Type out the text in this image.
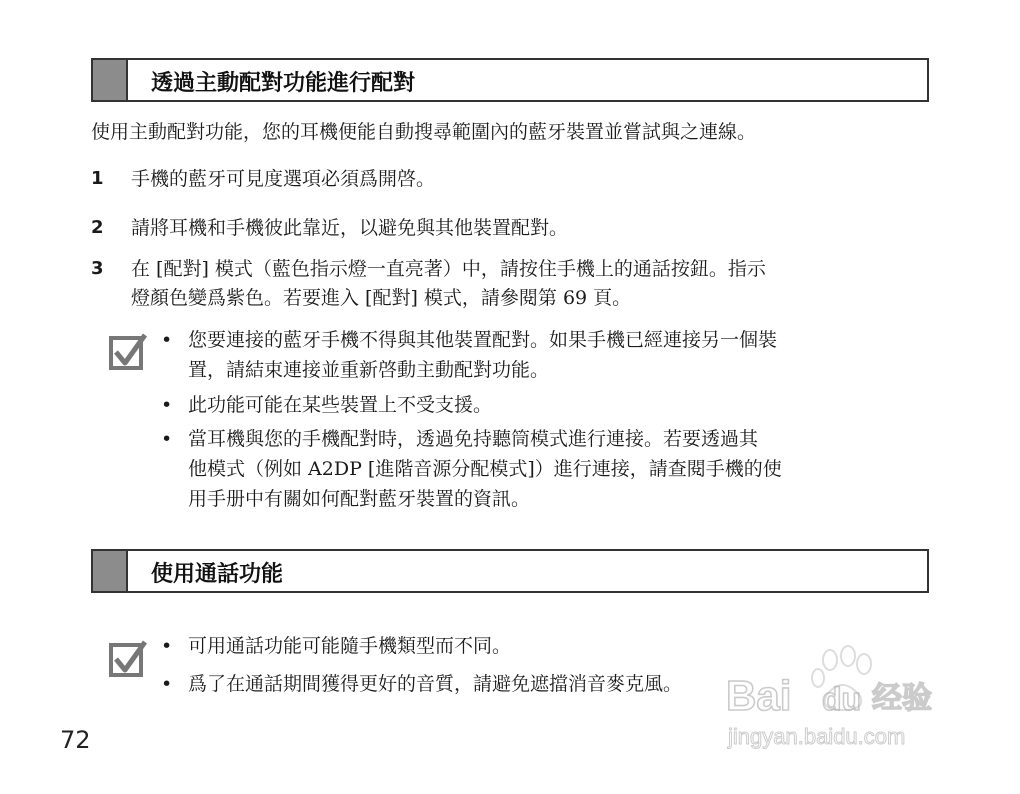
透過主動配對功能進行配對
使用主動配對功能，您的耳機便能自動搜尋範圍內的藍牙裝置並嘗試與之連線。
1	手機的藍牙可見度選項必須爲開啓。
2	請將耳機和手機彼此靠近，以避免與其他裝置配對。
3	在 [配對] 模式（藍色指示燈一直亮著）中，請按住手機上的通話按鈕。指示
燈顏色變爲紫色。若要進入 [配對] 模式，請參閱第 69 頁。
• 您要連接的藍牙手機不得與其他裝置配對。如果手機已經連接另一個裝
置，請結束連接並重新啓動主動配對功能。
• 此功能可能在某些裝置上不受支援。
• 當耳機與您的手機配對時，透過免持聽筒模式進行連接。若要透過其
他模式（例如 A2DP [進階音源分配模式]）進行連接，請查閱手機的使
用手册中有關如何配對藍牙裝置的資訊。
使用通話功能
• 可用通話功能可能隨手機類型而不同。
• 爲了在通話期間獲得更好的音質，請避免遮擋消音麥克風。
72
Bai du 经验
jingyan.baidu.com
